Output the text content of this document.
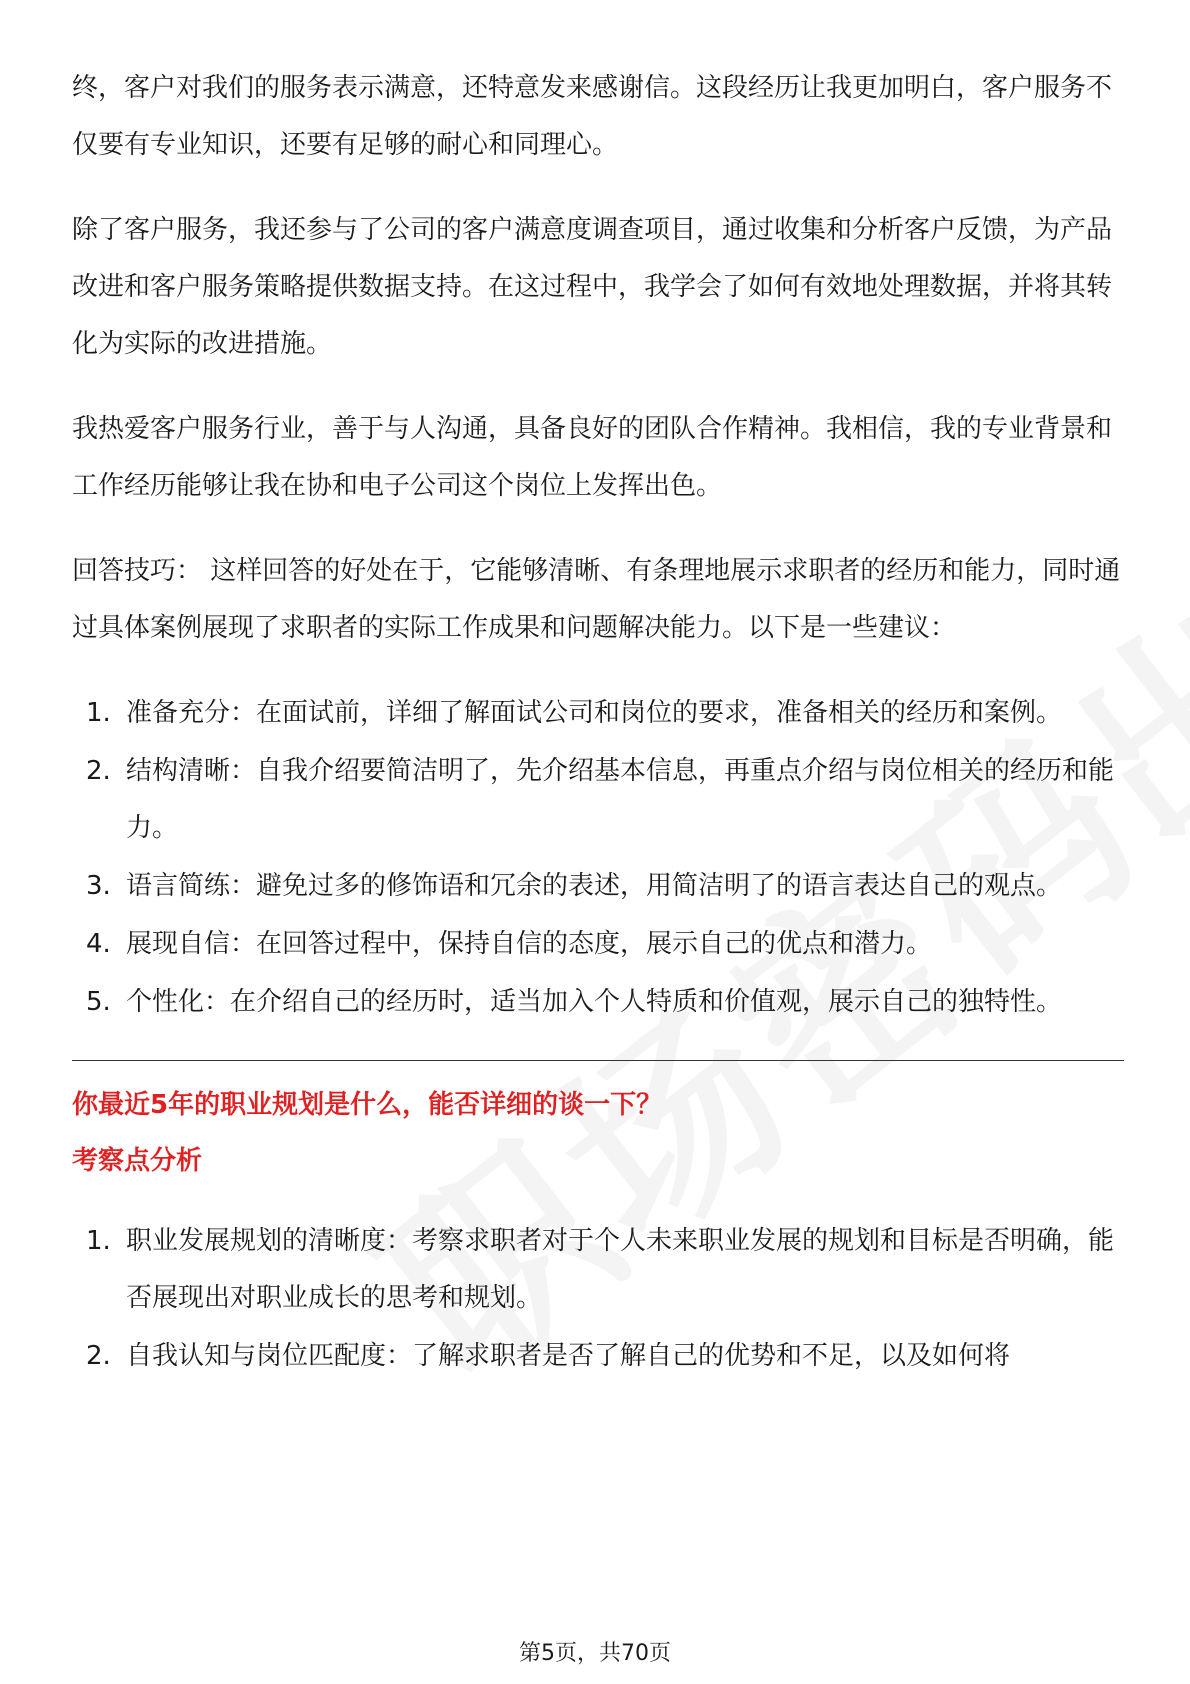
终，客户对我们的服务表示满意，还特意发来感谢信。这段经历让我更加明白，客户服务不仅要有专业知识，还要有足够的耐心和同理心。

除了客户服务，我还参与了公司的客户满意度调查项目，通过收集和分析客户反馈，为产品改进和客户服务策略提供数据支持。在这过程中，我学会了如何有效地处理数据，并将其转化为实际的改进措施。

我热爱客户服务行业，善于与人沟通，具备良好的团队合作精神。我相信，我的专业背景和工作经历能够让我在协和电子公司这个岗位上发挥出色。

回答技巧： 这样回答的好处在于，它能够清晰、有条理地展示求职者的经历和能力，同时通过具体案例展现了求职者的实际工作成果和问题解决能力。以下是一些建议：

1. 准备充分：在面试前，详细了解面试公司和岗位的要求，准备相关的经历和案例。
2. 结构清晰：自我介绍要简洁明了，先介绍基本信息，再重点介绍与岗位相关的经历和能力。
3. 语言简练：避免过多的修饰语和冗余的表述，用简洁明了的语言表达自己的观点。
4. 展现自信：在回答过程中，保持自信的态度，展示自己的优点和潜力。
5. 个性化：在介绍自己的经历时，适当加入个人特质和价值观，展示自己的独特性。

你最近5年的职业规划是什么，能否详细的谈一下？

考察点分析

1. 职业发展规划的清晰度：考察求职者对于个人未来职业发展的规划和目标是否明确，能否展现出对职业成长的思考和规划。
2. 自我认知与岗位匹配度：了解求职者是否了解自己的优势和不足，以及如何将
第5页，共70页
